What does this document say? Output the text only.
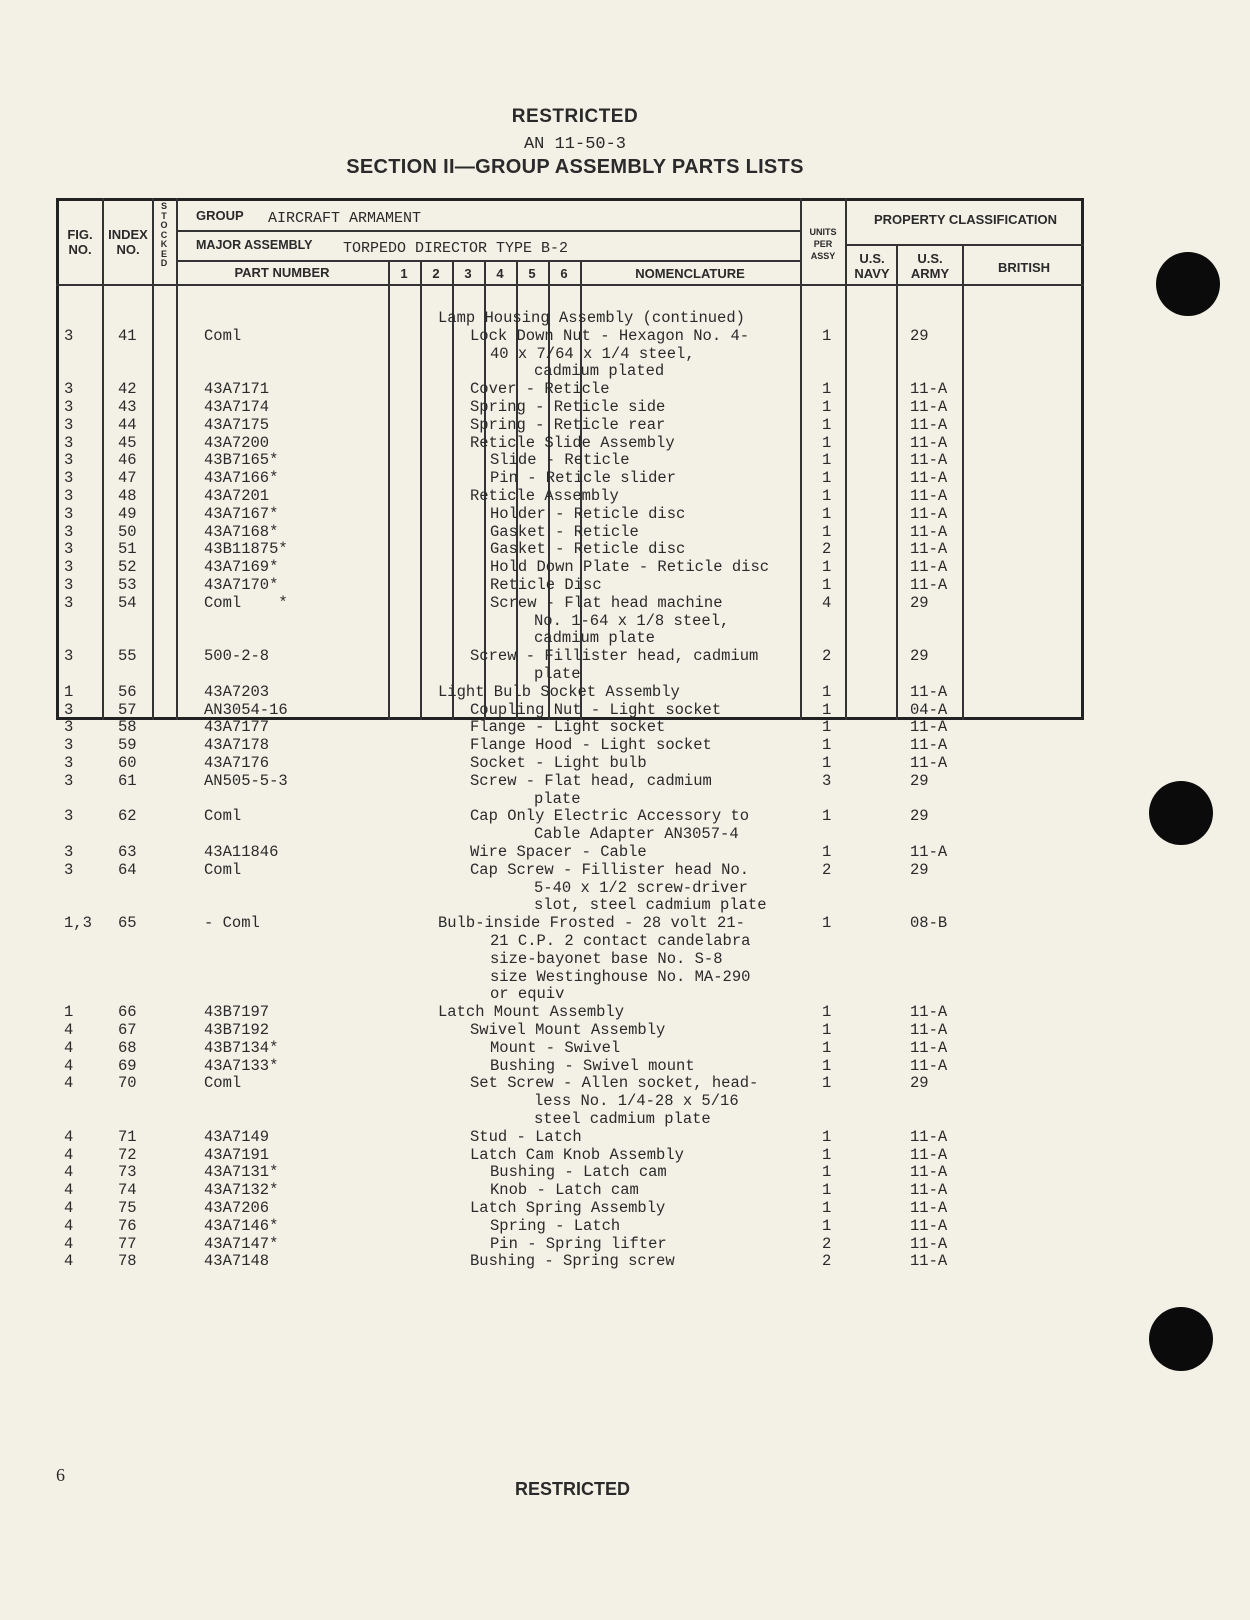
RESTRICTED
AN 11-50-3
SECTION II—GROUP ASSEMBLY PARTS LISTS
FIG. NO.
INDEX NO.
S
T
O
C
K
E
D
GROUP AIRCRAFT ARMAMENT
MAJOR ASSEMBLY TORPEDO DIRECTOR TYPE B-2
PART NUMBER	1	2	3	4	5	6	NOMENCLATURE
UNITS PER ASSY
PROPERTY CLASSIFICATION
U.S. NAVY
U.S. ARMY	BRITISH
Lamp Housing Assembly (continued)
3	41	Coml	Lock Down Nut - Hexagon No. 4-	1	29
40 x 7/64 x 1/4 steel,
cadmium plated
3	42	43A7171	Cover - Reticle	1	11-A
3	43	43A7174	Spring - Reticle side	1	11-A
3	44	43A7175	Spring - Reticle rear	1	11-A
3	45	43A7200	Reticle Slide Assembly	1	11-A
3	46	43B7165*	Slide - Reticle	1	11-A
3	47	43A7166*	Pin - Reticle slider	1	11-A
3	48	43A7201	Reticle Assembly	1	11-A
3	49	43A7167*	Holder - Reticle disc	1	11-A
3	50	43A7168*	Gasket - Reticle	1	11-A
3	51	43B11875*	Gasket - Reticle disc	2	11-A
3	52	43A7169*	Hold Down Plate - Reticle disc	1	11-A
3	53	43A7170*	Reticle Disc	1	11-A
3	54	Coml    *	Screw - Flat head machine	4	29
No. 1-64 x 1/8 steel,
cadmium plate
3	55	500-2-8	Screw - Fillister head, cadmium	2	29
plate
1	56	43A7203	Light Bulb Socket Assembly	1	11-A
3	57	AN3054-16	Coupling Nut - Light socket	1	04-A
3	58	43A7177	Flange - Light socket	1	11-A
3	59	43A7178	Flange Hood - Light socket	1	11-A
3	60	43A7176	Socket - Light bulb	1	11-A
3	61	AN505-5-3	Screw - Flat head, cadmium	3	29
plate
3	62	Coml	Cap Only Electric Accessory to	1	29
Cable Adapter AN3057-4
3	63	43A11846	Wire Spacer - Cable	1	11-A
3	64	Coml	Cap Screw - Fillister head No.	2	29
5-40 x 1/2 screw-driver
slot, steel cadmium plate
1,3 65	- Coml	Bulb-inside Frosted - 28 volt 21-	1	08-B
21 C.P. 2 contact candelabra
size-bayonet base No. S-8
size Westinghouse No. MA-290
or equiv
1	66	43B7197	Latch Mount Assembly	1	11-A
4	67	43B7192	Swivel Mount Assembly	1	11-A
4	68	43B7134*	Mount - Swivel	1	11-A
4	69	43A7133*	Bushing - Swivel mount	1	11-A
4	70	Coml	Set Screw - Allen socket, head-	1	29
less No. 1/4-28 x 5/16
steel cadmium plate
4	71	43A7149	Stud - Latch	1	11-A
4	72	43A7191	Latch Cam Knob Assembly	1	11-A
4	73	43A7131*	Bushing - Latch cam	1	11-A
4	74	43A7132*	Knob - Latch cam	1	11-A
4	75	43A7206	Latch Spring Assembly	1	11-A
4	76	43A7146*	Spring - Latch	1	11-A
4	77	43A7147*	Pin - Spring lifter	2	11-A
4	78	43A7148	Bushing - Spring screw	2	11-A
6
RESTRICTED
